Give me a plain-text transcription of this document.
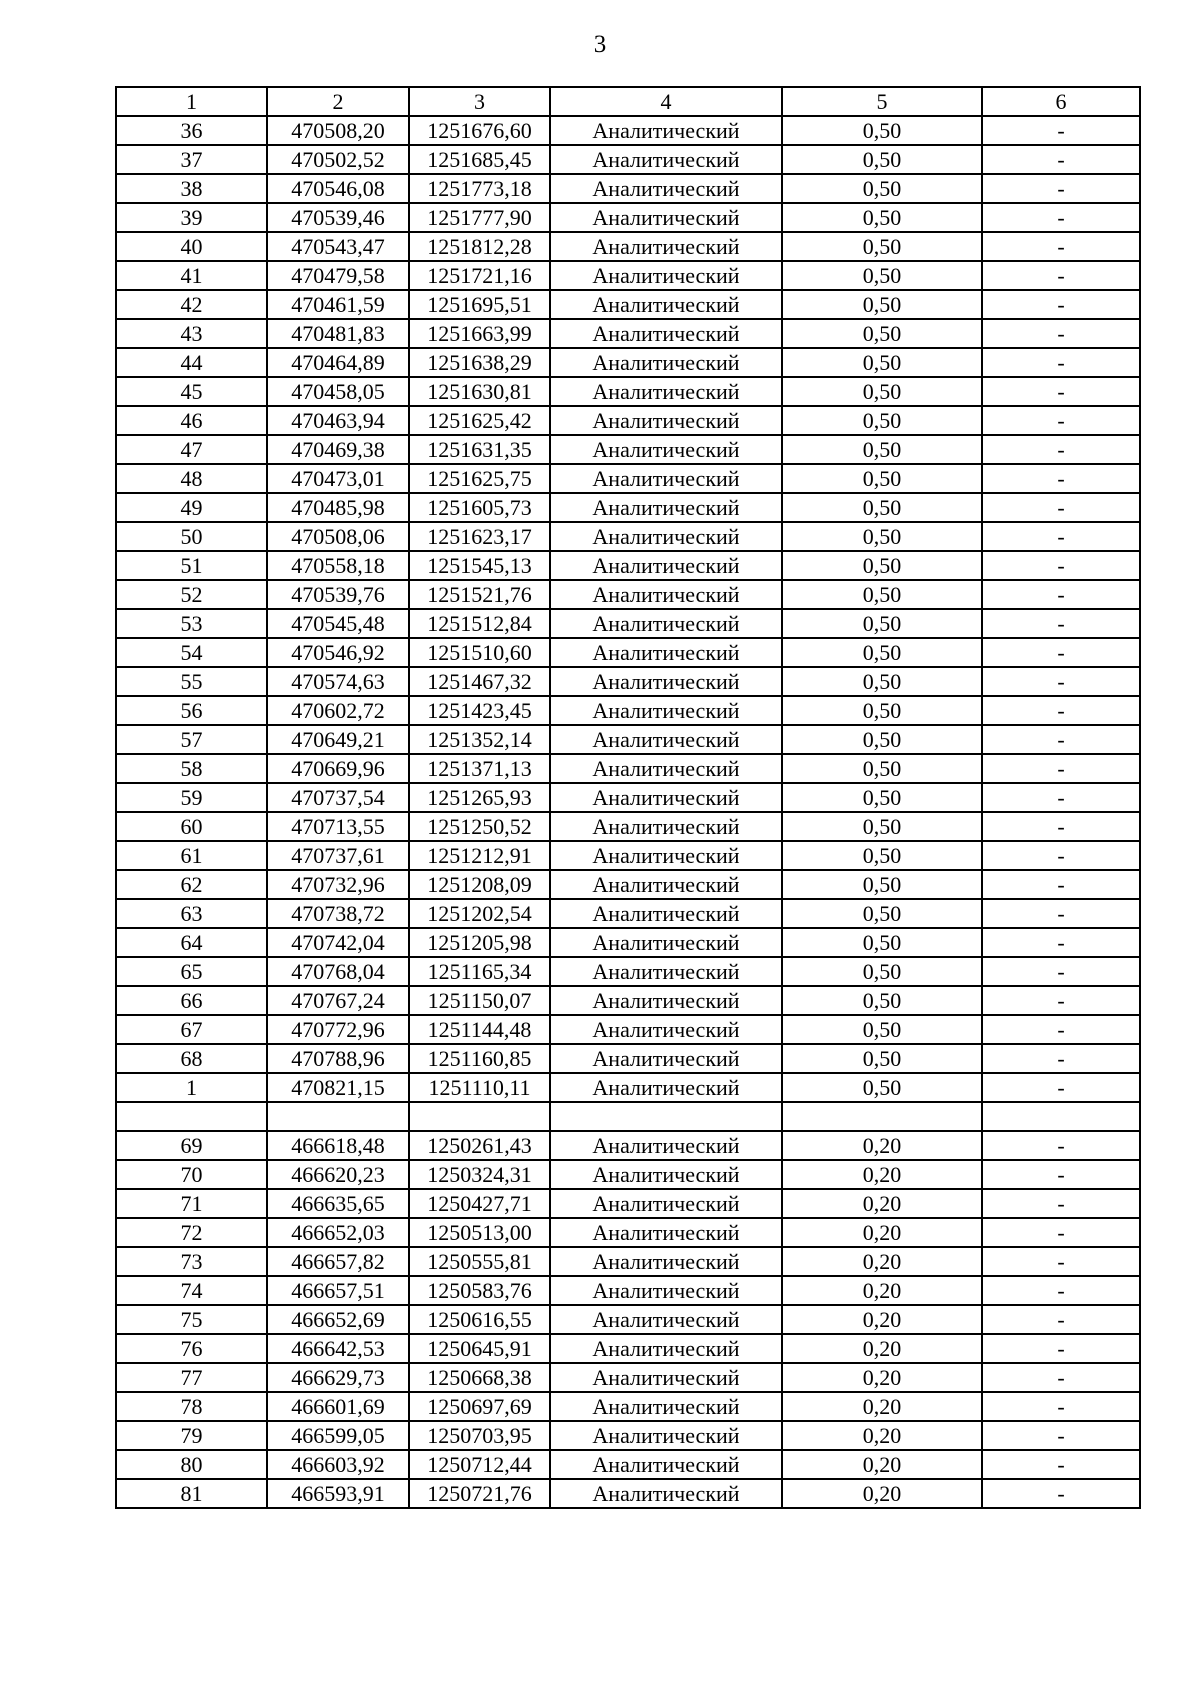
3
1	2	3	4	5	6
36	470508,20	1251676,60	Аналитический	0,50	-
37	470502,52	1251685,45	Аналитический	0,50	-
38	470546,08	1251773,18	Аналитический	0,50	-
39	470539,46	1251777,90	Аналитический	0,50	-
40	470543,47	1251812,28	Аналитический	0,50	-
41	470479,58	1251721,16	Аналитический	0,50	-
42	470461,59	1251695,51	Аналитический	0,50	-
43	470481,83	1251663,99	Аналитический	0,50	-
44	470464,89	1251638,29	Аналитический	0,50	-
45	470458,05	1251630,81	Аналитический	0,50	-
46	470463,94	1251625,42	Аналитический	0,50	-
47	470469,38	1251631,35	Аналитический	0,50	-
48	470473,01	1251625,75	Аналитический	0,50	-
49	470485,98	1251605,73	Аналитический	0,50	-
50	470508,06	1251623,17	Аналитический	0,50	-
51	470558,18	1251545,13	Аналитический	0,50	-
52	470539,76	1251521,76	Аналитический	0,50	-
53	470545,48	1251512,84	Аналитический	0,50	-
54	470546,92	1251510,60	Аналитический	0,50	-
55	470574,63	1251467,32	Аналитический	0,50	-
56	470602,72	1251423,45	Аналитический	0,50	-
57	470649,21	1251352,14	Аналитический	0,50	-
58	470669,96	1251371,13	Аналитический	0,50	-
59	470737,54	1251265,93	Аналитический	0,50	-
60	470713,55	1251250,52	Аналитический	0,50	-
61	470737,61	1251212,91	Аналитический	0,50	-
62	470732,96	1251208,09	Аналитический	0,50	-
63	470738,72	1251202,54	Аналитический	0,50	-
64	470742,04	1251205,98	Аналитический	0,50	-
65	470768,04	1251165,34	Аналитический	0,50	-
66	470767,24	1251150,07	Аналитический	0,50	-
67	470772,96	1251144,48	Аналитический	0,50	-
68	470788,96	1251160,85	Аналитический	0,50	-
1	470821,15	1251110,11	Аналитический	0,50	-

69	466618,48	1250261,43	Аналитический	0,20	-
70	466620,23	1250324,31	Аналитический	0,20	-
71	466635,65	1250427,71	Аналитический	0,20	-
72	466652,03	1250513,00	Аналитический	0,20	-
73	466657,82	1250555,81	Аналитический	0,20	-
74	466657,51	1250583,76	Аналитический	0,20	-
75	466652,69	1250616,55	Аналитический	0,20	-
76	466642,53	1250645,91	Аналитический	0,20	-
77	466629,73	1250668,38	Аналитический	0,20	-
78	466601,69	1250697,69	Аналитический	0,20	-
79	466599,05	1250703,95	Аналитический	0,20	-
80	466603,92	1250712,44	Аналитический	0,20	-
81	466593,91	1250721,76	Аналитический	0,20	-
